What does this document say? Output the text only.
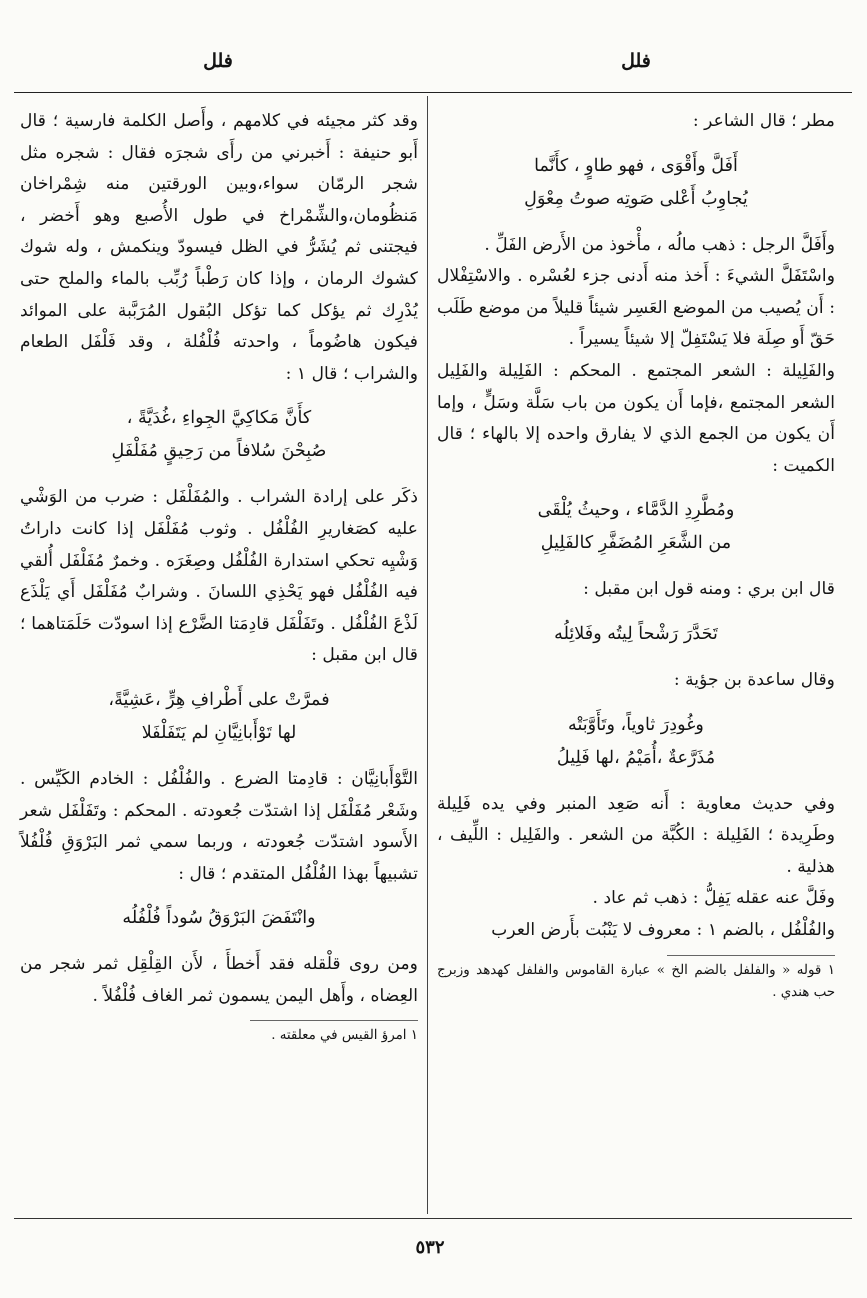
فلل
فلل

مطر ؛ قال الشاعر :

أَفَلَّ وأَقْوَى ، فهو طاوٍ ، كأَنَّما
يُجاوِبُ أَعْلى صَوتِه صوتُ مِعْوَلِ

وأَفَلَّ الرجل : ذهب مالُه ، مأْخوذ من الأَرض الفَلِّ .

واسْتَفَلَّ الشيءَ : أَخذ منه أَدنى جزء لعُسْره . والاسْتِفْلال : أَن يُصيب من الموضع العَسِر شيئاً قليلاً من موضع طَلَب حَقّ أَو صِلَة فلا يَسْتَفِلّ إلا شيئاً يسيراً .

والفَلِيلة : الشعر المجتمع . المحكم : الفَلِيلة والفَلِيل الشعر المجتمع ،فإما أَن يكون من باب سَلَّة وسَلٍّ ، وإما أَن يكون من الجمع الذي لا يفارق واحده إلا بالهاء ؛ قال الكميت :

ومُطَّرِدِ الدَّمَّاء ، وحيثُ يُلْقَى
من الشَّعَرِ المُضَفَّرِ كالفَلِيلِ

قال ابن بري : ومنه قول ابن مقبل :

تَحَدَّرَ رَشْحاً لِيتُه وفَلائِلُه

وقال ساعدة بن جؤية :

وغُودِرَ ثاوياً، وتَأَوَّبَتْه
مُذَرَّعةٌ ،أُمَيْمُ ،لها فَلِيلُ

وفي حديث معاوية : أَنه صَعِد المنبر وفي يده فَلِيلة وطَرِيدة ؛ الفَلِيلة : الكُبَّة من الشعر . والفَلِيل : اللِّيف ، هذلية .

وفَلَّ عنه عقله يَفِلُّ : ذهب ثم عاد .

والفُلْفُل ، بالضم ١ : معروف لا يَنْبُت بأَرض العرب

١ قوله « والفلفل بالضم الخ » عبارة القاموس والفلفل كهدهد وزبرج حب هندي .

وقد كثر مجيئه في كلامهم ، وأَصل الكلمة فارسية ؛ قال أَبو حنيفة : أَخبرني من رأَى شجرَه فقال : شجره مثل شجر الرمّان سواء،وبين الورقتين منه شِمْراخان مَنظُومان،والشِّمْراخ في طول الأُصبع وهو أَخضر ، فيجتنى ثم يُشَرُّ في الظل فيسودّ وينكمش ، وله شوك كشوك الرمان ، وإذا كان رَطْباً رُبِّب بالماء والملح حتى يُدْرِك ثم يؤكل كما تؤكل البُقول المُرَبَّبة على الموائد فيكون هاضُوماً ، واحدته فُلْفُلة ، وقد فَلْفَل الطعام والشراب ؛ قال ١ :

كأَنَّ مَكاكِيَّ الجِواءِ ،غُدَيَّةً ،
صُبِحْنَ سُلافاً من رَحِيقٍ مُفَلْفَلِ

ذكَر على إرادة الشراب . والمُفَلْفَل : ضرب من الوَشْي عليه كصَغاريرِ الفُلْفُل . وثوب مُفَلْفَل إذا كانت داراتُ وَشْيِه تحكي استدارة الفُلْفُل وصِغَرَه . وخمرٌ مُفَلْفَل أُلقي فيه الفُلْفُل فهو يَحْذِي اللسانَ . وشرابٌ مُفَلْفَل أَي يَلْذَع لَذْعَ الفُلْفُل . وتَفَلْفَل قادِمَتا الضَّرْع إذا اسودّت حَلَمَتاهما ؛ قال ابن مقبل :

فمرَّتْ على أَطْرافِ هِرٍّ ،عَشِيَّةً،
لها تَوْأَبانِيَّانِ لم يَتَفَلْفَلا

التَّوْأَبانِيَّان : قادِمتا الضرع . والفُلْفُل : الخادم الكَيِّس . وشَعْر مُفَلْفَل إذا اشتدّت جُعودته . المحكم : وتَفَلْفَل شعر الأَسود اشتدّت جُعودته ، وربما سمي ثمر البَرْوَقِ فُلْفُلاً تشبيهاً بهذا الفُلْفُل المتقدم ؛ قال :

وانْتَفَضَ البَرْوَقُ سُوداً فُلْفُلُه

ومن روى قلْقله فقد أَخطأَ ، لأَن القِلْقِل ثمر شجر من العِضاه ، وأَهل اليمن يسمون ثمر الغاف فُلْفُلاً .

١ امرؤ القيس في معلقته .

٥٣٢
